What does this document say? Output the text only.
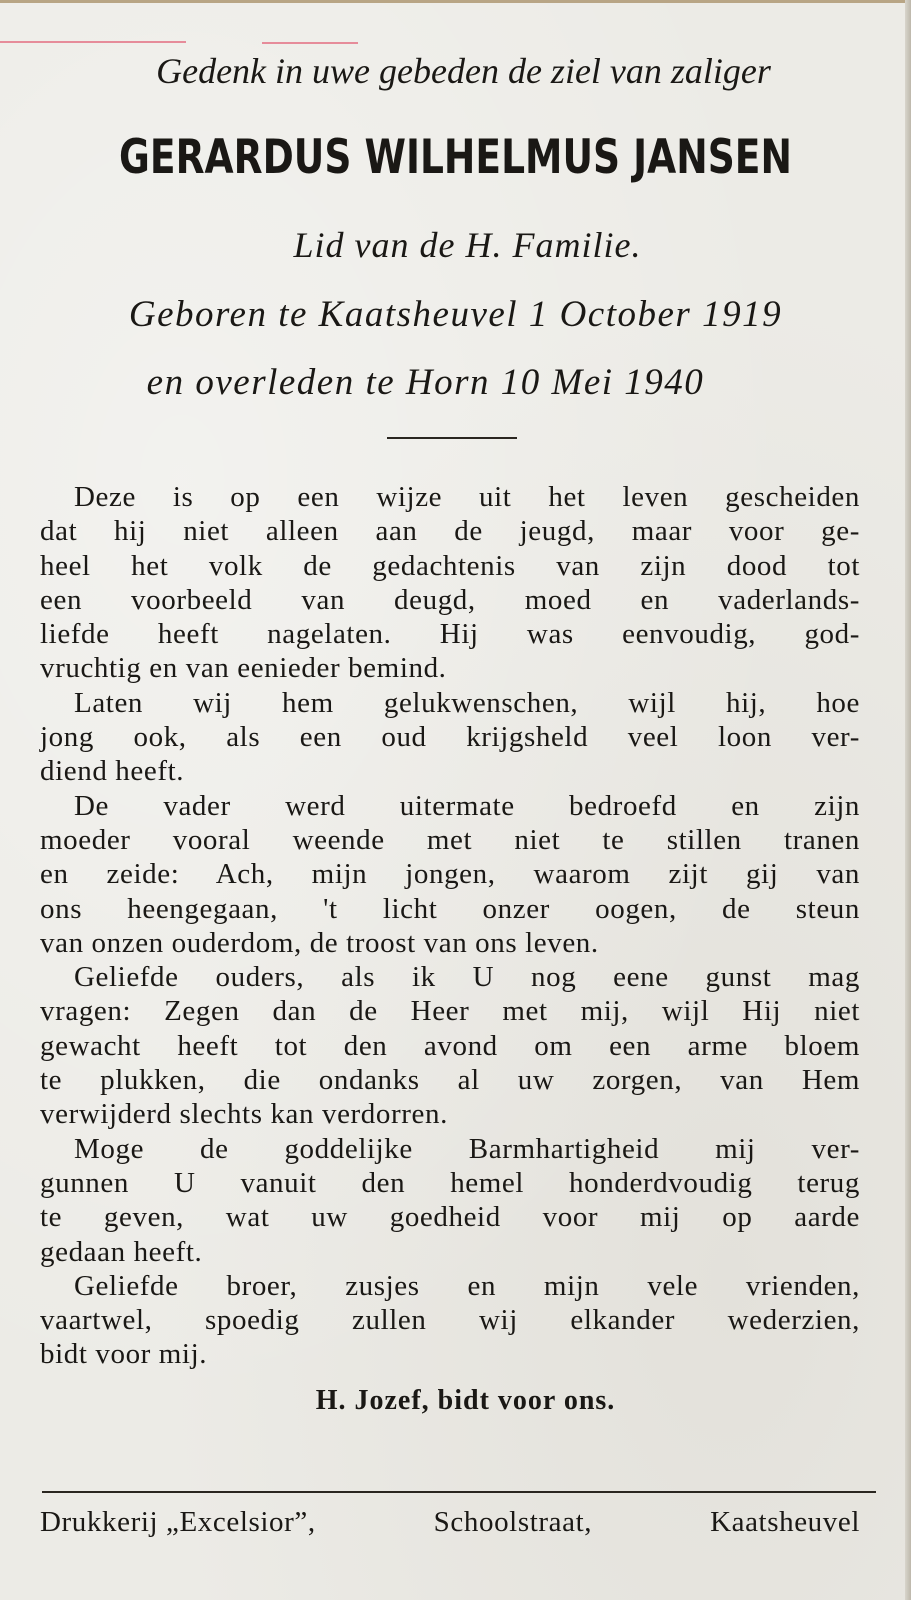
Gedenk in uwe gebeden de ziel van zaliger
GERARDUS WILHELMUS JANSEN
Lid van de H. Familie.
Geboren te Kaatsheuvel 1 October 1919
en overleden te Horn 10 Mei 1940
Deze is op een wijze uit het leven gescheiden
dat hij niet alleen aan de jeugd, maar voor ge-
heel het volk de gedachtenis van zijn dood tot
een voorbeeld van deugd, moed en vaderlands-
liefde heeft nagelaten. Hij was eenvoudig, god-
vruchtig en van eenieder bemind.
Laten wij hem gelukwenschen, wijl hij, hoe
jong ook, als een oud krijgsheld veel loon ver-
diend heeft.
De vader werd uitermate bedroefd en zijn
moeder vooral weende met niet te stillen tranen
en zeide: Ach, mijn jongen, waarom zijt gij van
ons heengegaan, 't licht onzer oogen, de steun
van onzen ouderdom, de troost van ons leven.
Geliefde ouders, als ik U nog eene gunst mag
vragen: Zegen dan de Heer met mij, wijl Hij niet
gewacht heeft tot den avond om een arme bloem
te plukken, die ondanks al uw zorgen, van Hem
verwijderd slechts kan verdorren.
Moge de goddelijke Barmhartigheid mij ver-
gunnen U vanuit den hemel honderdvoudig terug
te geven, wat uw goedheid voor mij op aarde
gedaan heeft.
Geliefde broer, zusjes en mijn vele vrienden,
vaartwel, spoedig zullen wij elkander wederzien,
bidt voor mij.
H. Jozef, bidt voor ons.
Drukkerij „Excelsior”,	Schoolstraat,	Kaatsheuvel
